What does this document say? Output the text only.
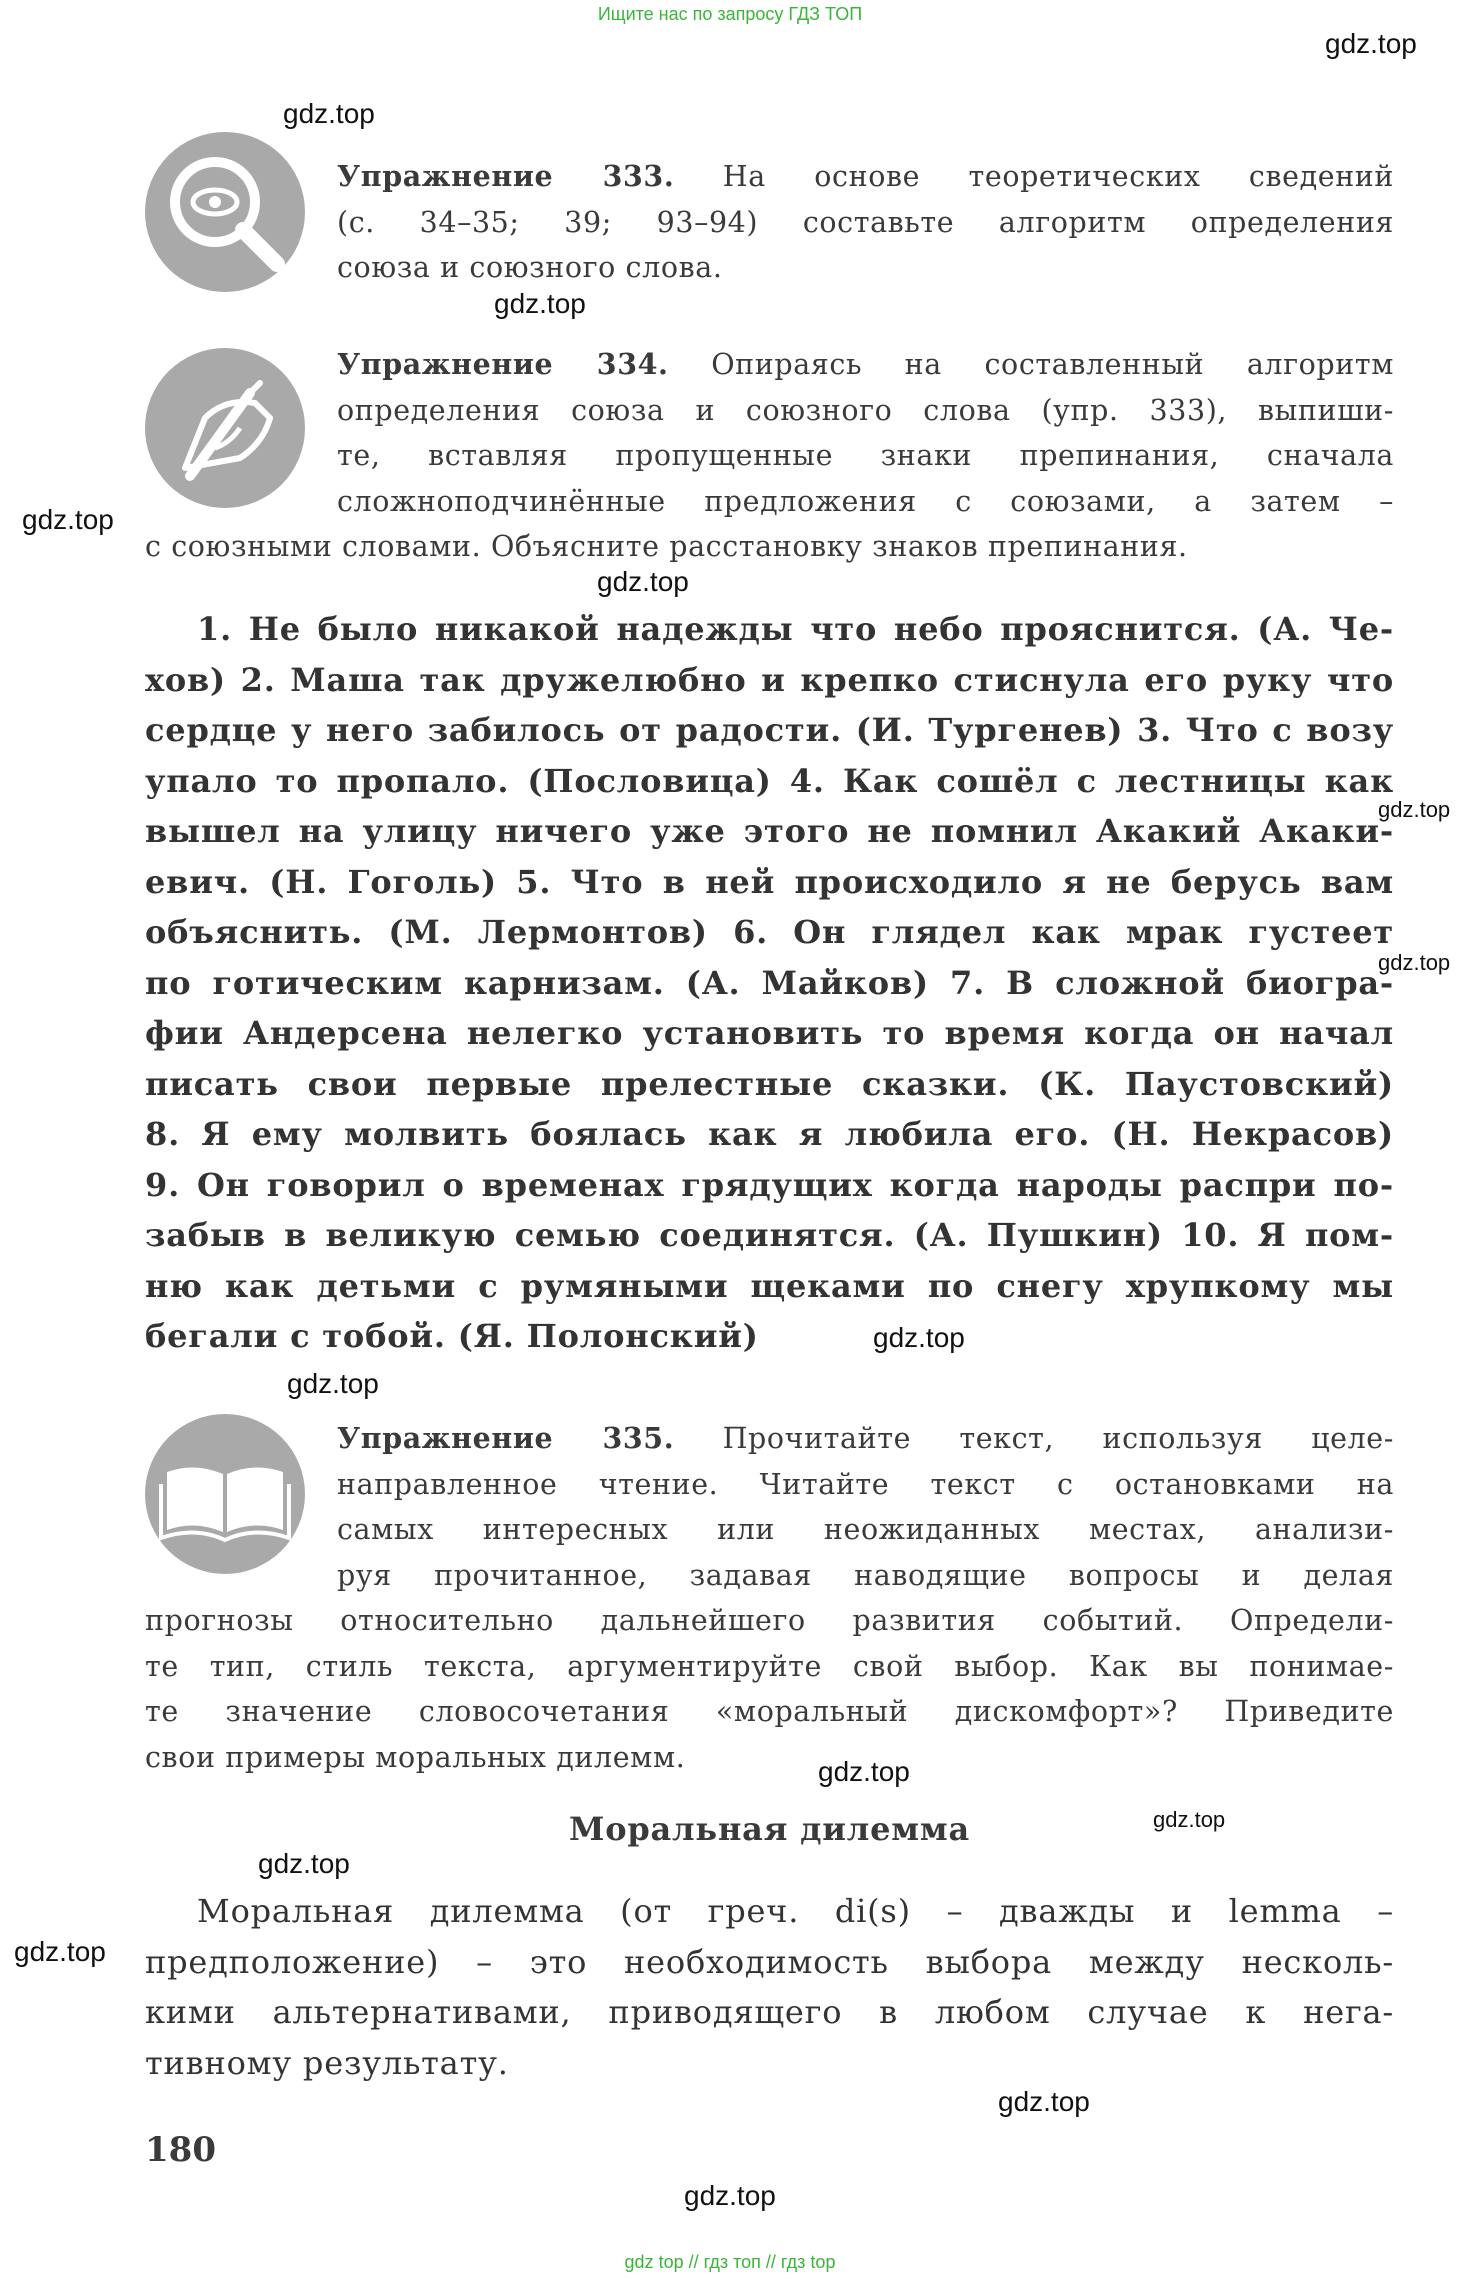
Ищите нас по запросу ГДЗ ТОП
gdz top // гдз топ // гдз top
gdz.top
gdz.top
gdz.top
gdz.top
gdz.top
gdz.top
gdz.top
gdz.top
gdz.top
gdz.top
gdz.top
gdz.top
gdz.top
gdz.top
gdz.top
Упражнение 333. На основе теоретических сведений
(с. 34–35; 39; 93–94) составьте алгоритм определения
союза и союзного слова.
Упражнение 334. Опираясь на составленный алгоритм
определения союза и союзного слова (упр. 333), выпиши-
те, вставляя пропущенные знаки препинания, сначала
сложноподчинённые предложения с союзами, а затем –
с союзными словами. Объясните расстановку знаков препинания.
1. Не было никакой надежды что небо прояснится. (А. Че-
хов) 2. Маша так дружелюбно и крепко стиснула его руку что
сердце у него забилось от радости. (И. Тургенев) 3. Что с возу
упало то пропало. (Пословица) 4. Как сошёл с лестницы как
вышел на улицу ничего уже этого не помнил Акакий Акаки-
евич. (Н. Гоголь) 5. Что в ней происходило я не берусь вам
объяснить. (М. Лермонтов) 6. Он глядел как мрак густеет
по готическим карнизам. (А. Майков) 7. В сложной биогра-
фии Андерсена нелегко установить то время когда он начал
писать свои первые прелестные сказки. (К. Паустовский)
8. Я ему молвить боялась как я любила его. (Н. Некрасов)
9. Он говорил о временах грядущих когда народы распри по-
забыв в великую семью соединятся. (А. Пушкин) 10. Я пом-
ню как детьми с румяными щеками по снегу хрупкому мы
бегали с тобой. (Я. Полонский)
Упражнение 335. Прочитайте текст, используя целе-
направленное чтение. Читайте текст с остановками на
самых интересных или неожиданных местах, анализи-
руя прочитанное, задавая наводящие вопросы и делая
прогнозы относительно дальнейшего развития событий. Определи-
те тип, стиль текста, аргументируйте свой выбор. Как вы понимае-
те значение словосочетания «моральный дискомфорт»? Приведите
свои примеры моральных дилемм.
Моральная дилемма
Моральная дилемма (от греч. di(s) – дважды и lemma –
предположение) – это необходимость выбора между несколь-
кими альтернативами, приводящего в любом случае к нега-
тивному результату.
180
